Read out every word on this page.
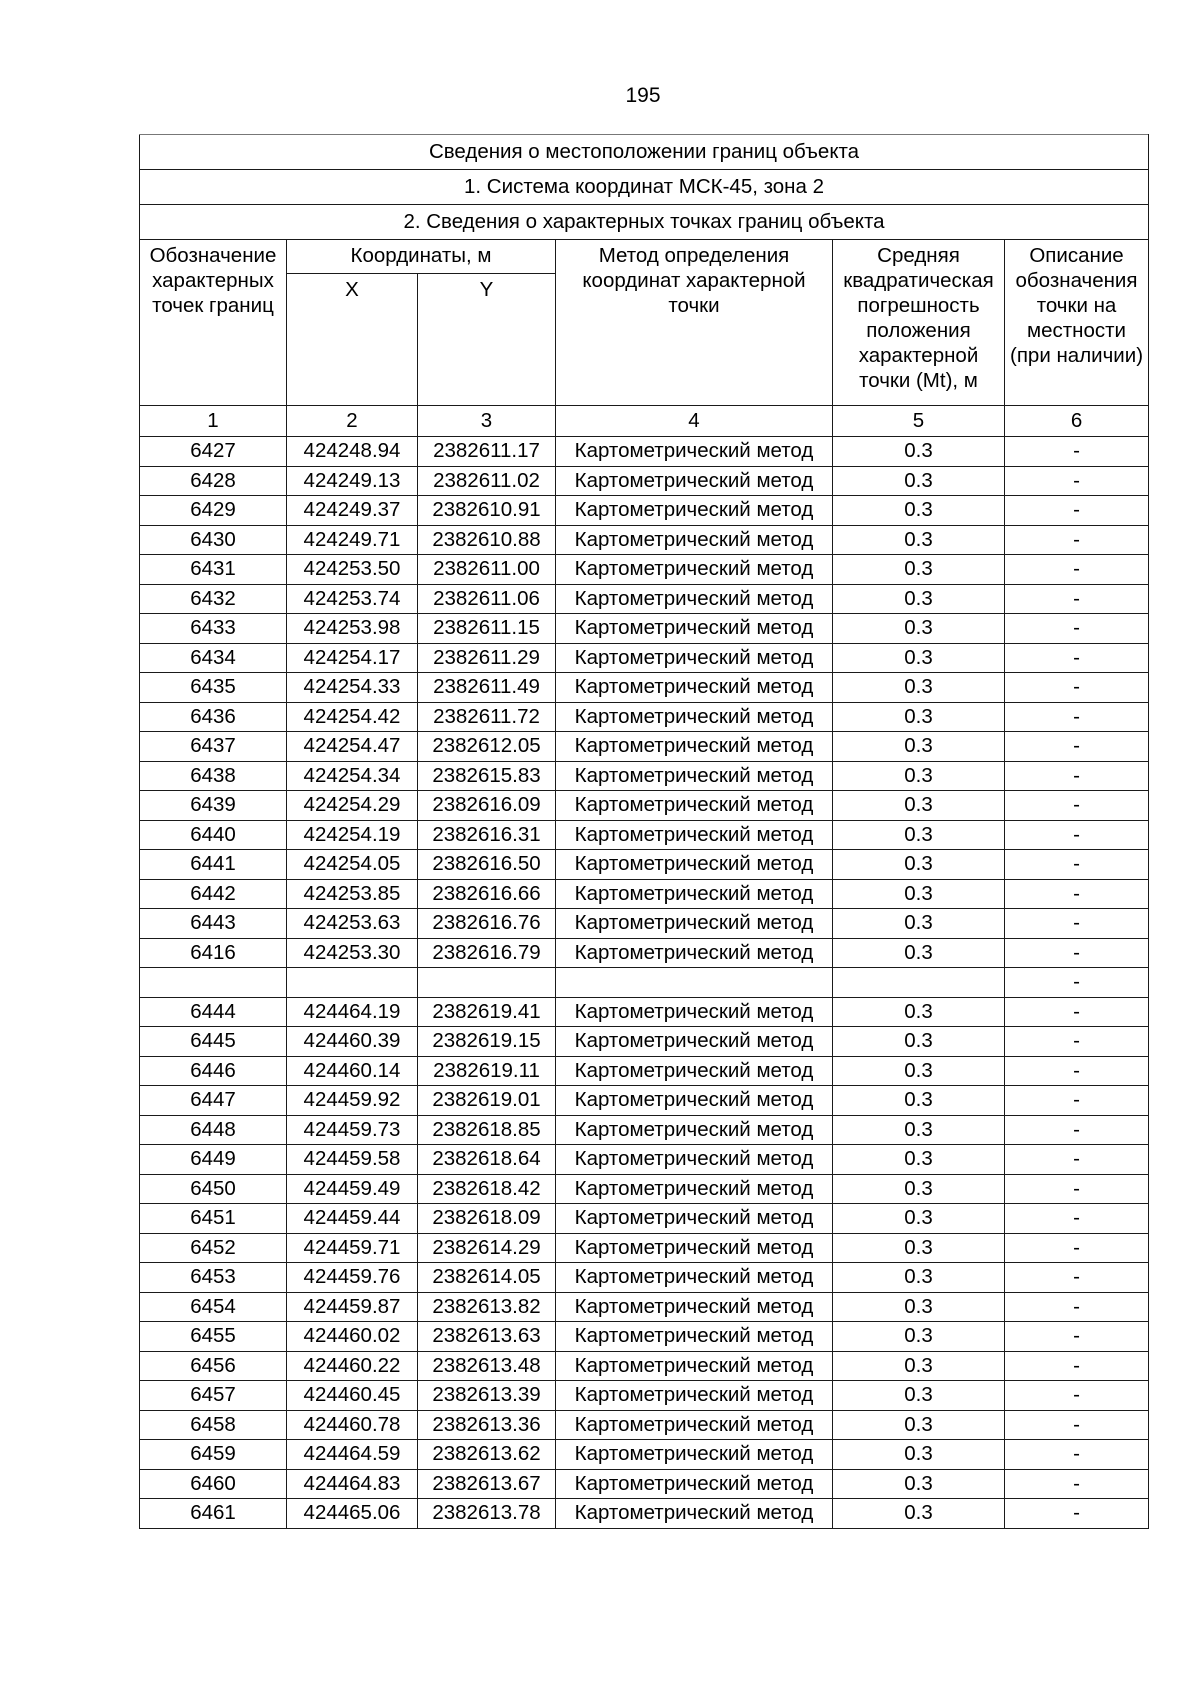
195
Сведения о местоположении границ объекта					
1. Система координат МСК-45, зона 2					
2. Сведения о характерных точках границ объекта					
Обозначение характерных точек границ	Координаты, м		Метод определения координат характерной точки	Средняя квадратическая погрешность положения характерной точки (Mt), м	Описание обозначения точки на местности (при наличии)
	X	Y			
1	2	3	4	5	6
6427	424248.94	2382611.17	Картометрический метод	0.3	-
6428	424249.13	2382611.02	Картометрический метод	0.3	-
6429	424249.37	2382610.91	Картометрический метод	0.3	-
6430	424249.71	2382610.88	Картометрический метод	0.3	-
6431	424253.50	2382611.00	Картометрический метод	0.3	-
6432	424253.74	2382611.06	Картометрический метод	0.3	-
6433	424253.98	2382611.15	Картометрический метод	0.3	-
6434	424254.17	2382611.29	Картометрический метод	0.3	-
6435	424254.33	2382611.49	Картометрический метод	0.3	-
6436	424254.42	2382611.72	Картометрический метод	0.3	-
6437	424254.47	2382612.05	Картометрический метод	0.3	-
6438	424254.34	2382615.83	Картометрический метод	0.3	-
6439	424254.29	2382616.09	Картометрический метод	0.3	-
6440	424254.19	2382616.31	Картометрический метод	0.3	-
6441	424254.05	2382616.50	Картометрический метод	0.3	-
6442	424253.85	2382616.66	Картометрический метод	0.3	-
6443	424253.63	2382616.76	Картометрический метод	0.3	-
6416	424253.30	2382616.79	Картометрический метод	0.3	-
					-
6444	424464.19	2382619.41	Картометрический метод	0.3	-
6445	424460.39	2382619.15	Картометрический метод	0.3	-
6446	424460.14	2382619.11	Картометрический метод	0.3	-
6447	424459.92	2382619.01	Картометрический метод	0.3	-
6448	424459.73	2382618.85	Картометрический метод	0.3	-
6449	424459.58	2382618.64	Картометрический метод	0.3	-
6450	424459.49	2382618.42	Картометрический метод	0.3	-
6451	424459.44	2382618.09	Картометрический метод	0.3	-
6452	424459.71	2382614.29	Картометрический метод	0.3	-
6453	424459.76	2382614.05	Картометрический метод	0.3	-
6454	424459.87	2382613.82	Картометрический метод	0.3	-
6455	424460.02	2382613.63	Картометрический метод	0.3	-
6456	424460.22	2382613.48	Картометрический метод	0.3	-
6457	424460.45	2382613.39	Картометрический метод	0.3	-
6458	424460.78	2382613.36	Картометрический метод	0.3	-
6459	424464.59	2382613.62	Картометрический метод	0.3	-
6460	424464.83	2382613.67	Картометрический метод	0.3	-
6461	424465.06	2382613.78	Картометрический метод	0.3	-
